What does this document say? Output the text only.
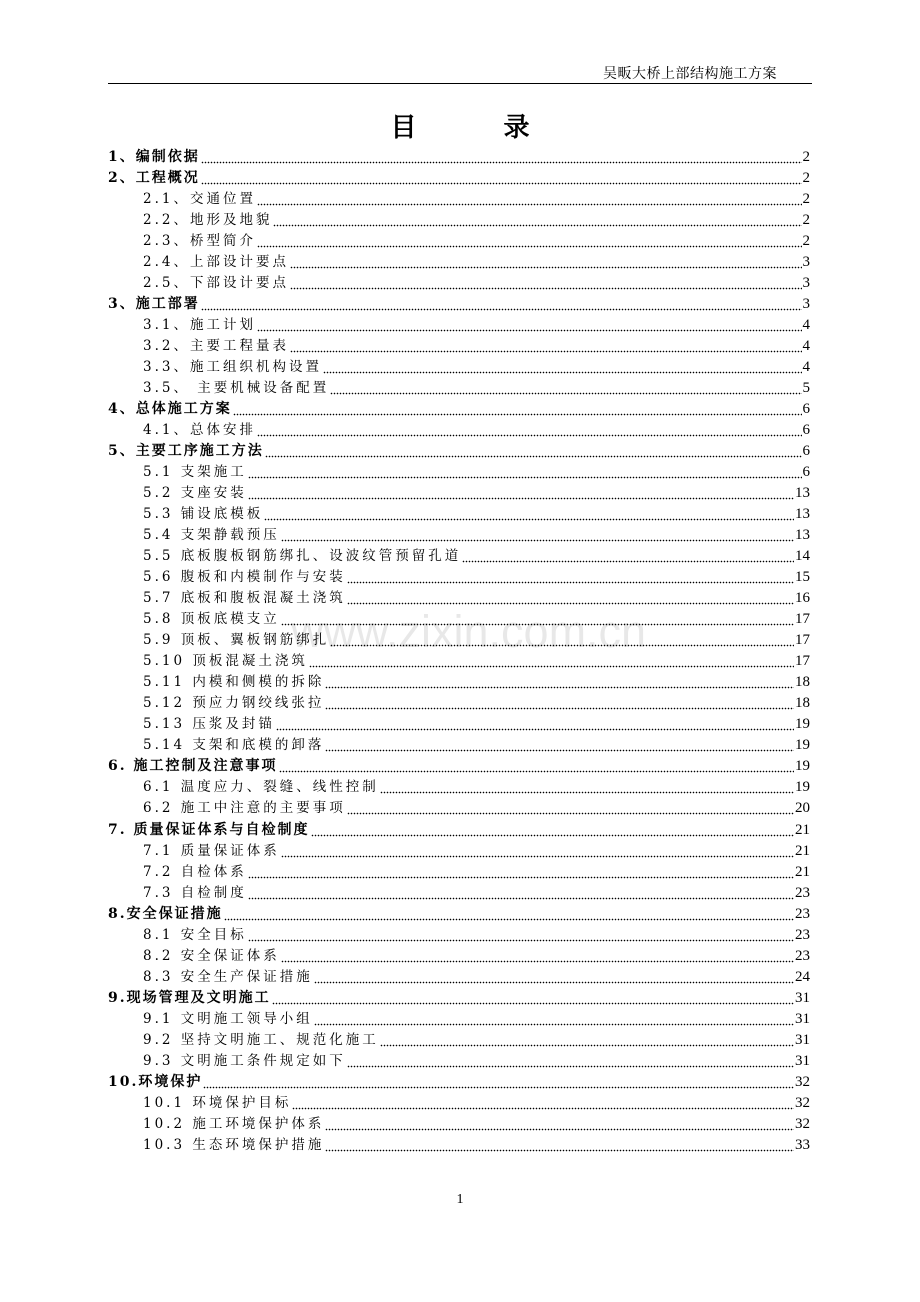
吴畈大桥上部结构施工方案
目 录
1、编制依据	2
2、工程概况	2
2.1、交通位置	2
2.2、地形及地貌	2
2.3、桥型简介	2
2.4、上部设计要点	3
2.5、下部设计要点	3
3、施工部署	3
3.1、施工计划	4
3.2、主要工程量表	4
3.3、施工组织机构设置	4
3.5、 主要机械设备配置	5
4、总体施工方案	6
4.1、总体安排	6
5、主要工序施工方法	6
5.1 支架施工	6
5.2 支座安装	13
5.3 铺设底模板	13
5.4 支架静载预压	13
5.5 底板腹板钢筋绑扎、设波纹管预留孔道	14
5.6 腹板和内模制作与安装	15
5.7 底板和腹板混凝土浇筑	16
5.8 顶板底模支立	17
5.9 顶板、翼板钢筋绑扎	17
5.10 顶板混凝土浇筑	17
5.11 内模和侧模的拆除	18
5.12 预应力钢绞线张拉	18
5.13 压浆及封锚	19
5.14 支架和底模的卸落	19
6. 施工控制及注意事项	19
6.1 温度应力、裂缝、线性控制	19
6.2 施工中注意的主要事项	20
7. 质量保证体系与自检制度	21
7.1 质量保证体系	21
7.2 自检体系	21
7.3 自检制度	23
8.安全保证措施	23
8.1 安全目标	23
8.2 安全保证体系	23
8.3 安全生产保证措施	24
9.现场管理及文明施工	31
9.1 文明施工领导小组	31
9.2 坚持文明施工、规范化施工	31
9.3 文明施工条件规定如下	31
10.环境保护	32
10.1 环境保护目标	32
10.2 施工环境保护体系	32
10.3 生态环境保护措施	33
1
